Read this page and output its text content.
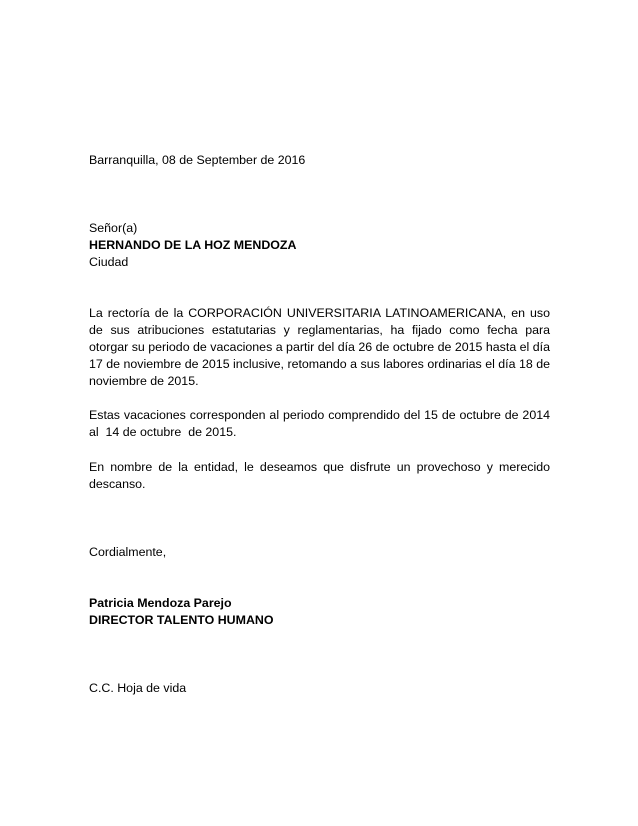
Barranquilla, 08 de September de 2016
Señor(a)
HERNANDO DE LA HOZ MENDOZA
Ciudad

La rectoría de la CORPORACIÓN UNIVERSITARIA LATINOAMERICANA, en uso de sus atribuciones estatutarias y reglamentarias, ha fijado como fecha para otorgar su periodo de vacaciones a partir del día 26 de octubre de 2015 hasta el día 17 de noviembre de 2015 inclusive, retomando a sus labores ordinarias el día 18 de noviembre de 2015.

Estas vacaciones corresponden al periodo comprendido del 15 de octubre de 2014  al  14 de octubre  de 2015.

En nombre de la entidad, le deseamos que disfrute un provechoso y merecido descanso.

Cordialmente,
Patricia Mendoza Parejo
DIRECTOR TALENTO HUMANO
C.C. Hoja de vida
